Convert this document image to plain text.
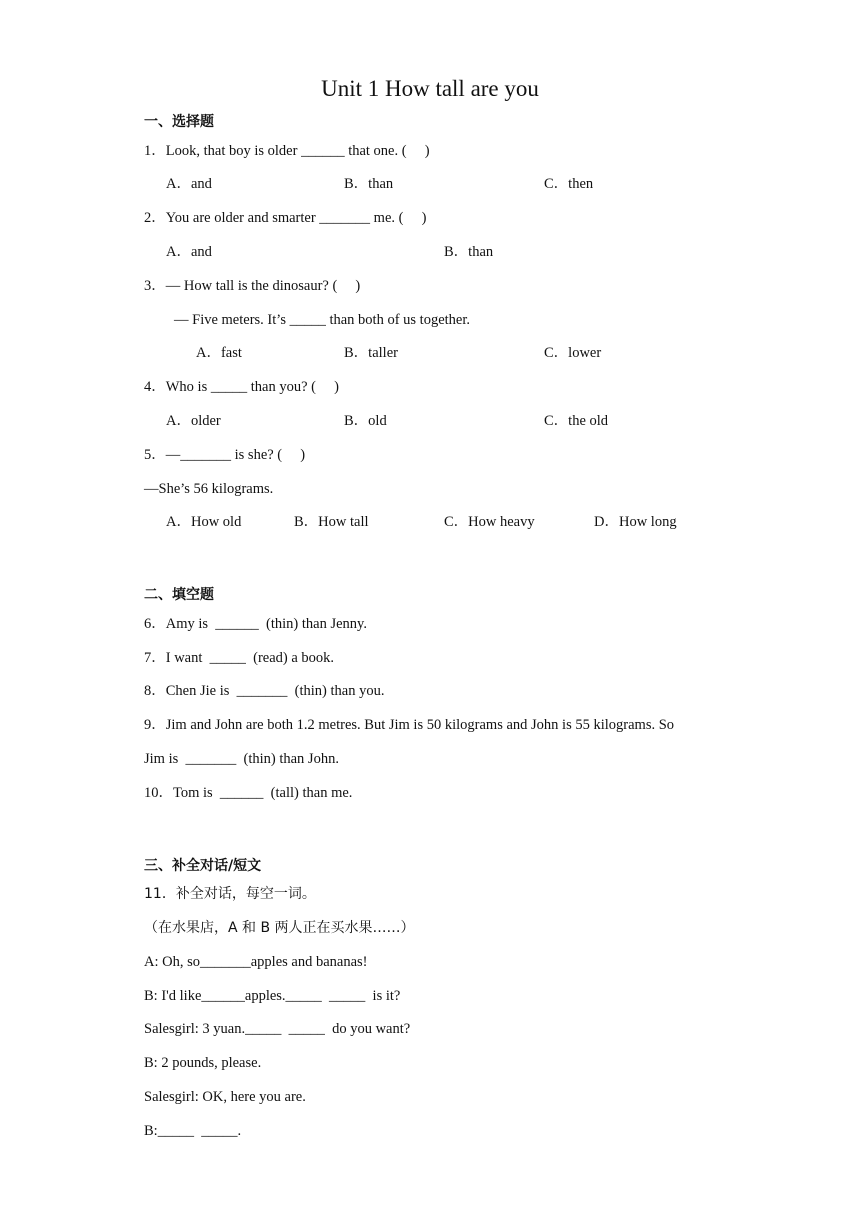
Unit 1 How tall are you
一、选择题
1．Look, that boy is older ______ that one. (     )
A．and	B．than	C．then
2．You are older and smarter _______ me. (     )
A．and	B．than
3．— How tall is the dinosaur? (     )
— Five meters. It’s _____ than both of us together.
A．fast	B．taller	C．lower
4．Who is _____ than you? (     )
A．older	B．old	C．the old
5．—_______ is she? (     )
—She’s 56 kilograms.
A．How old	B．How tall	C．How heavy	D．How long
二、填空题
6．Amy is  ______  (thin) than Jenny.
7．I want  _____  (read) a book.
8．Chen Jie is  _______  (thin) than you.
9．Jim and John are both 1.2 metres. But Jim is 50 kilograms and John is 55 kilograms. So
Jim is  _______  (thin) than John.
10．Tom is  ______  (tall) than me.
三、补全对话/短文
11．补全对话，每空一词。
（在水果店，A 和 B 两人正在买水果……）
A: Oh, so_______apples and bananas!
B: I'd like______apples._____  _____  is it?
Salesgirl: 3 yuan._____  _____  do you want?
B: 2 pounds, please.
Salesgirl: OK, here you are.
B:_____  _____.
